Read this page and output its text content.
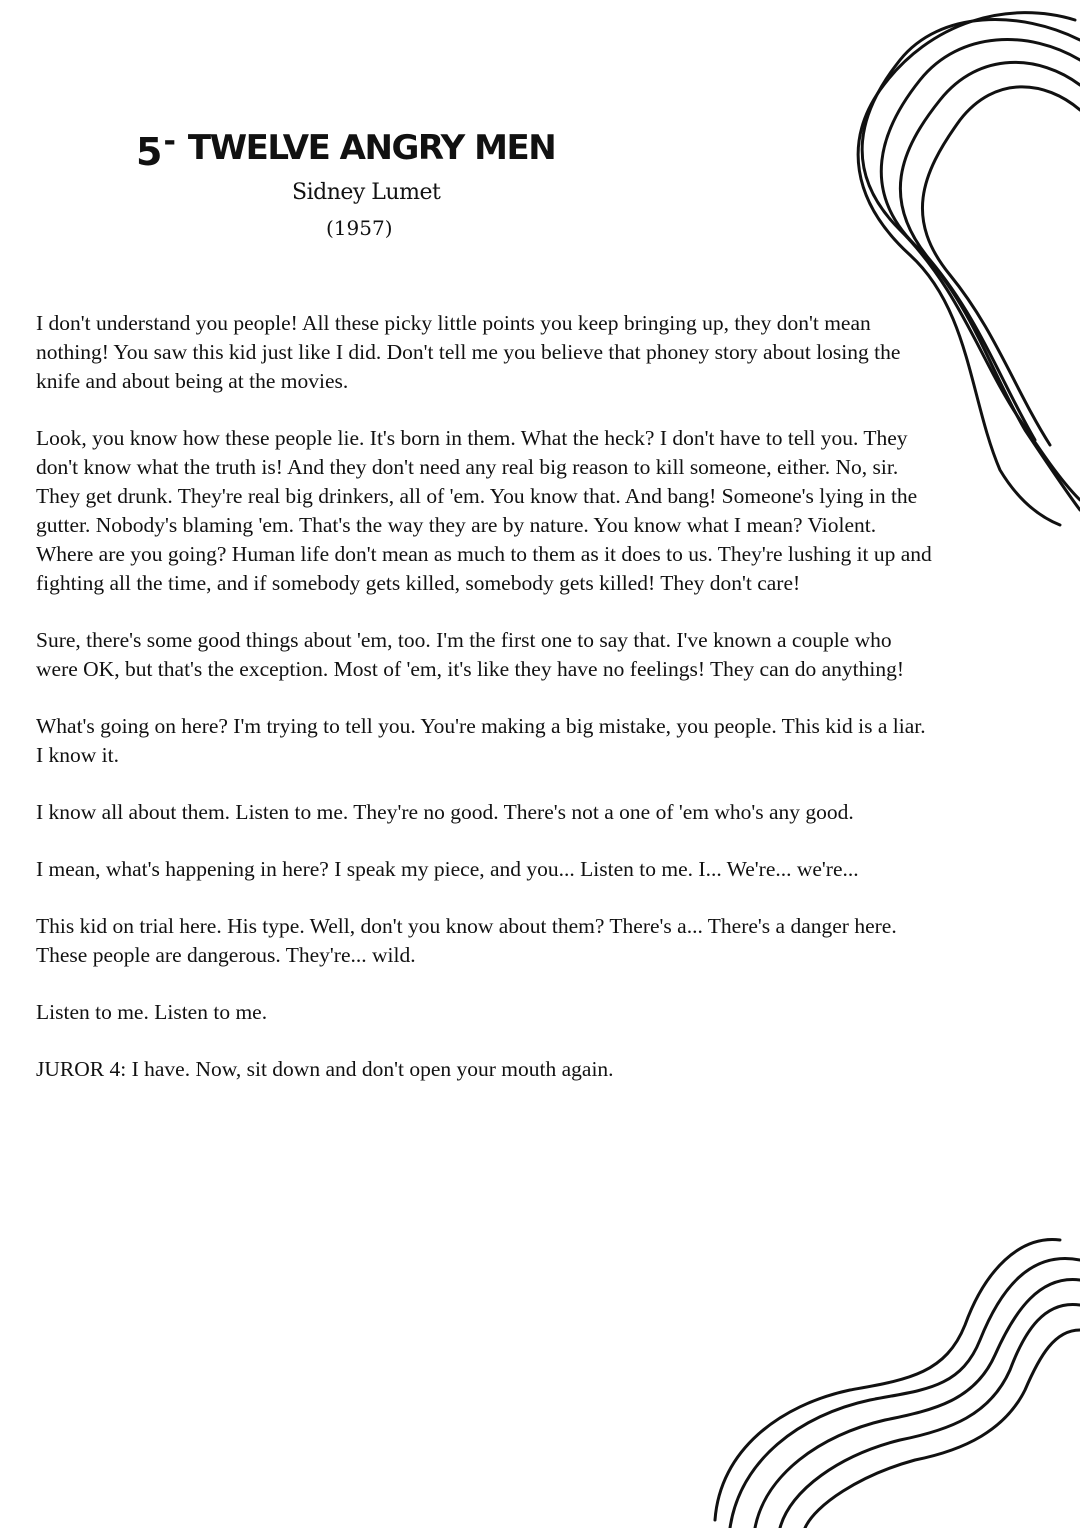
5 - TWELVE ANGRY MEN
Sidney Lumet
(1957)

I don't understand you people! All these picky little points you keep bringing up, they don't mean nothing! You saw this kid just like I did. Don't tell me you believe that phoney story about losing the knife and about being at the movies.

Look, you know how these people lie. It's born in them. What the heck? I don't have to tell you. They don't know what the truth is! And they don't need any real big reason to kill someone, either. No, sir. They get drunk. They're real big drinkers, all of 'em. You know that. And bang! Someone's lying in the gutter. Nobody's blaming 'em. That's the way they are by nature. You know what I mean? Violent. Where are you going? Human life don't mean as much to them as it does to us. They're lushing it up and fighting all the time, and if somebody gets killed, somebody gets killed! They don't care!

Sure, there's some good things about 'em, too. I'm the first one to say that. I've known a couple who were OK, but that's the exception. Most of 'em, it's like they have no feelings! They can do anything!

What's going on here? I'm trying to tell you. You're making a big mistake, you people. This kid is a liar. I know it.

I know all about them. Listen to me. They're no good. There's not a one of 'em who's any good.

I mean, what's happening in here? I speak my piece, and you... Listen to me. I... We're... we're...

This kid on trial here. His type. Well, don't you know about them? There's a... There's a danger here. These people are dangerous. They're... wild.

Listen to me. Listen to me.

JUROR 4: I have. Now, sit down and don't open your mouth again.
